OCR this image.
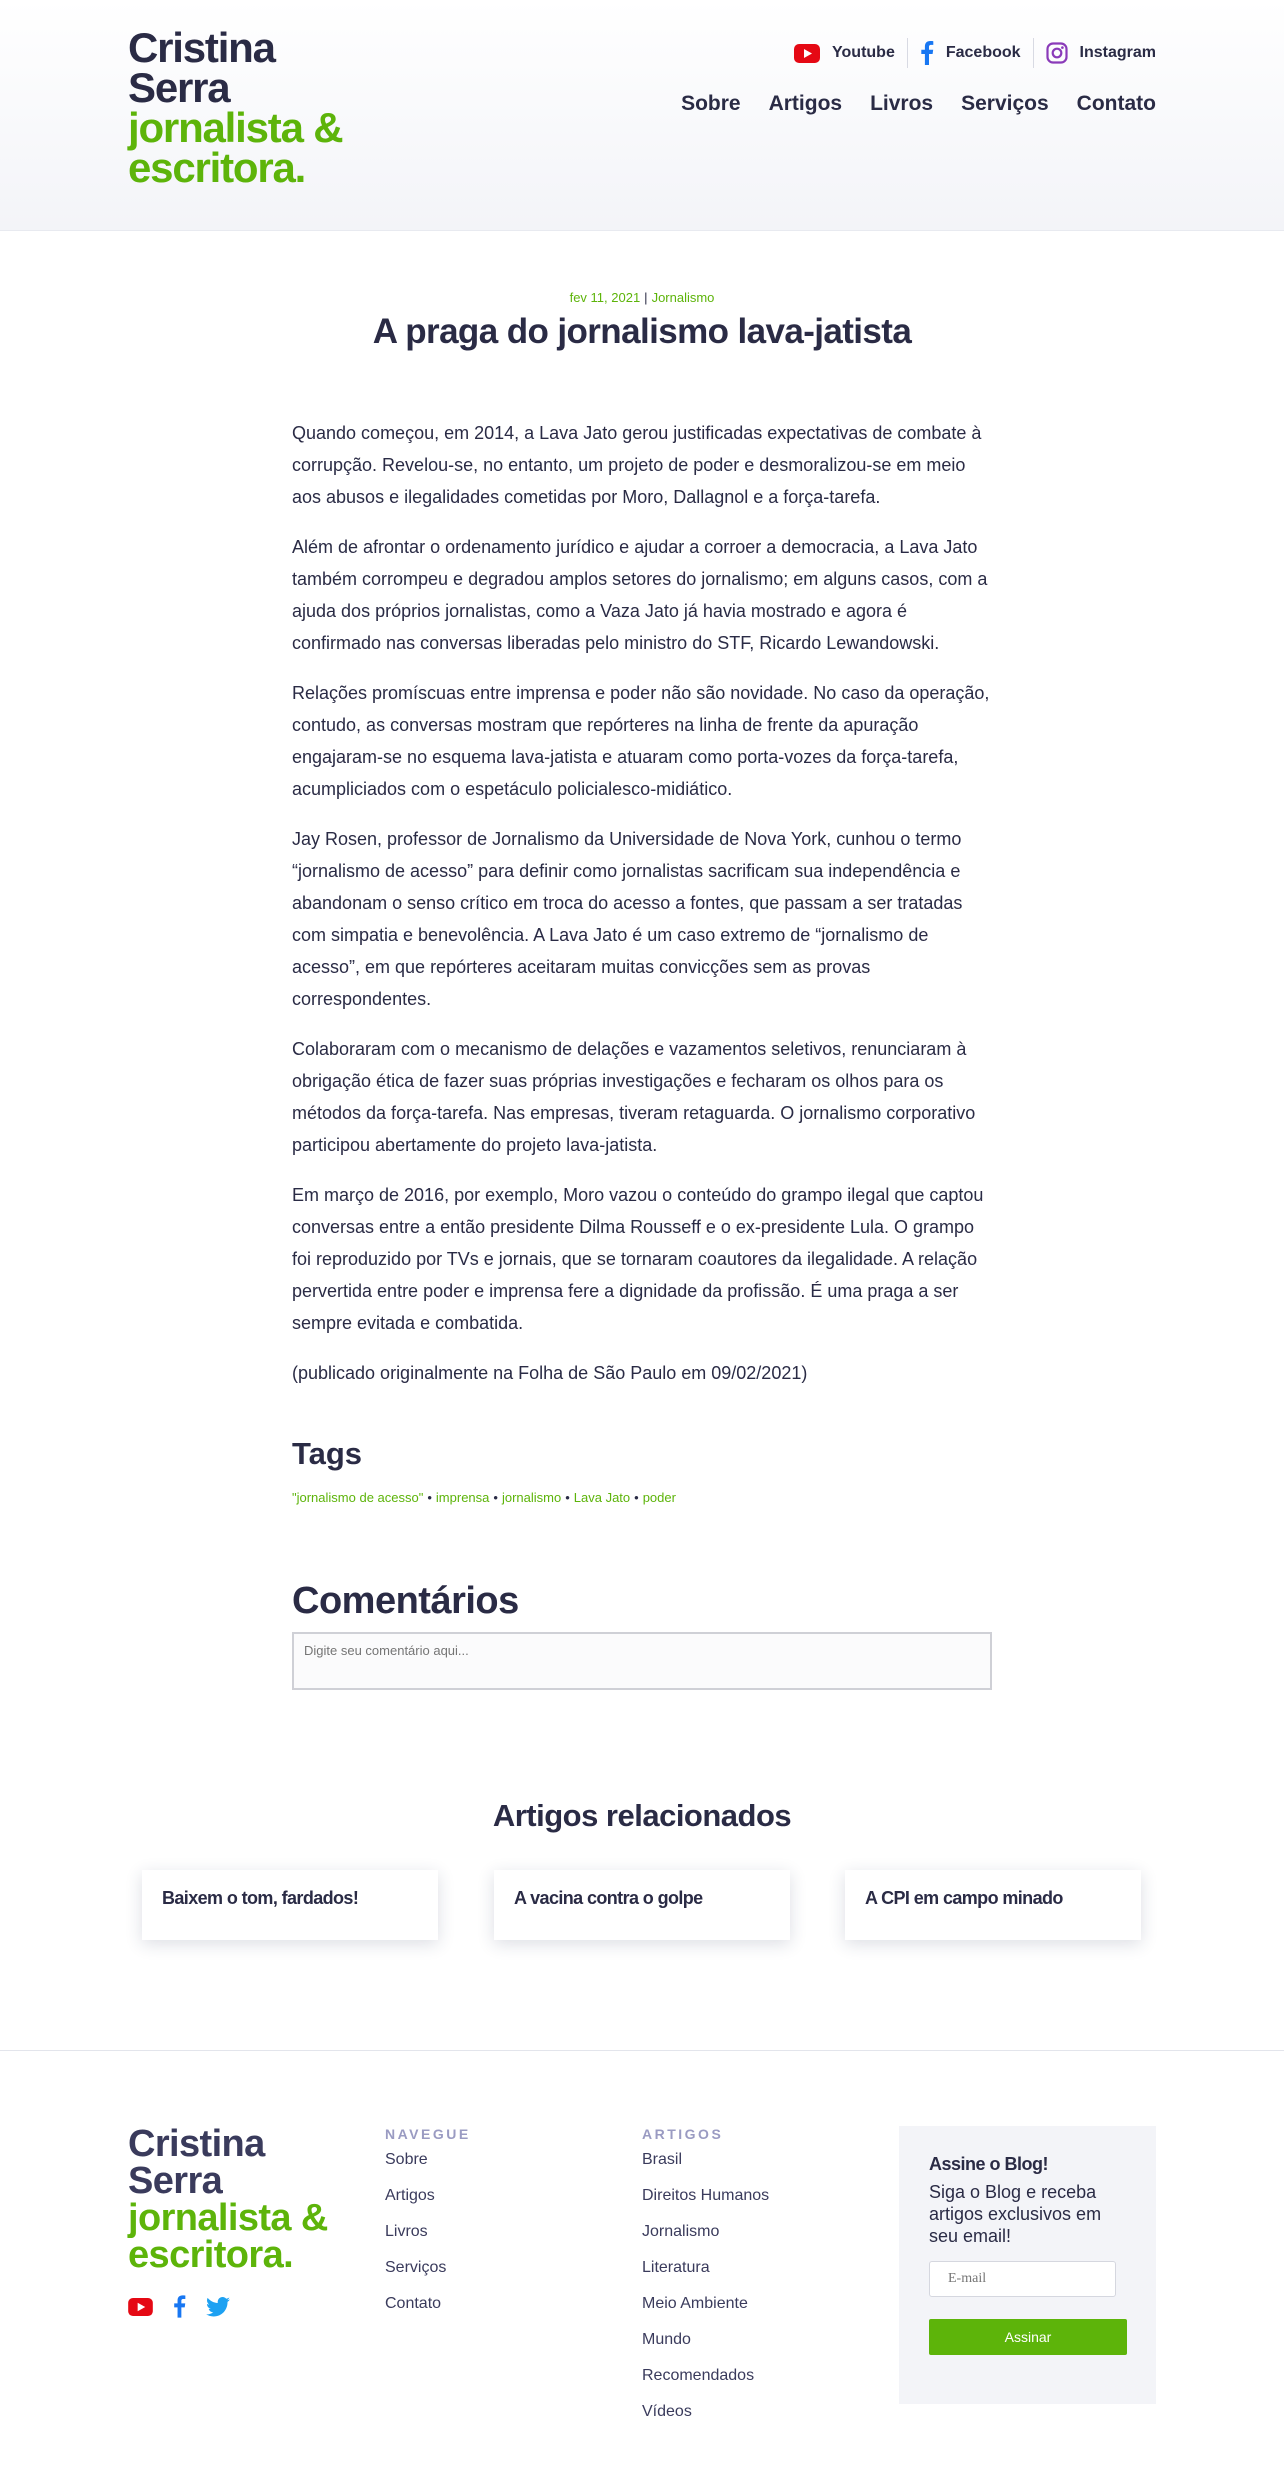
Cristina
Serra
jornalista &
escritora.
Youtube	Facebook	Instagram
Sobre Artigos Livros Serviços Contato
fev 11, 2021 | Jornalismo
A praga do jornalismo lava-jatista

Quando começou, em 2014, a Lava Jato gerou justificadas expectativas de combate à corrupção. Revelou-se, no entanto, um projeto de poder e desmoralizou-se em meio aos abusos e ilegalidades cometidas por Moro, Dallagnol e a força-tarefa.

Além de afrontar o ordenamento jurídico e ajudar a corroer a democracia, a Lava Jato também corrompeu e degradou amplos setores do jornalismo; em alguns casos, com a ajuda dos próprios jornalistas, como a Vaza Jato já havia mostrado e agora é confirmado nas conversas liberadas pelo ministro do STF, Ricardo Lewandowski.

Relações promíscuas entre imprensa e poder não são novidade. No caso da operação, contudo, as conversas mostram que repórteres na linha de frente da apuração engajaram-se no esquema lava-jatista e atuaram como porta-vozes da força-tarefa, acumpliciados com o espetáculo policialesco-midiático.

Jay Rosen, professor de Jornalismo da Universidade de Nova York, cunhou o termo “jornalismo de acesso” para definir como jornalistas sacrificam sua independência e abandonam o senso crítico em troca do acesso a fontes, que passam a ser tratadas com simpatia e benevolência. A Lava Jato é um caso extremo de “jornalismo de acesso”, em que repórteres aceitaram muitas convicções sem as provas correspondentes.

Colaboraram com o mecanismo de delações e vazamentos seletivos, renunciaram à obrigação ética de fazer suas próprias investigações e fecharam os olhos para os métodos da força-tarefa. Nas empresas, tiveram retaguarda. O jornalismo corporativo participou abertamente do projeto lava-jatista.

Em março de 2016, por exemplo, Moro vazou o conteúdo do grampo ilegal que captou conversas entre a então presidente Dilma Rousseff e o ex-presidente Lula. O grampo foi reproduzido por TVs e jornais, que se tornaram coautores da ilegalidade. A relação pervertida entre poder e imprensa fere a dignidade da profissão. É uma praga a ser sempre evitada e combatida.

(publicado originalmente na Folha de São Paulo em 09/02/2021)

Tags
"jornalismo de acesso" • imprensa • jornalismo • Lava Jato • poder
Comentários
Digite seu comentário aqui...
Artigos relacionados
Baixem o tom, fardados!	A vacina contra o golpe	A CPI em campo minado
Cristina
Serra
jornalista &
escritora.
NAVEGUE
Sobre
Artigos
Livros
Serviços
Contato
ARTIGOS
Brasil
Direitos Humanos
Jornalismo
Literatura
Meio Ambiente
Mundo
Recomendados
Vídeos
Assine o Blog!
Siga o Blog e receba artigos exclusivos em seu email!
E-mail
Assinar
